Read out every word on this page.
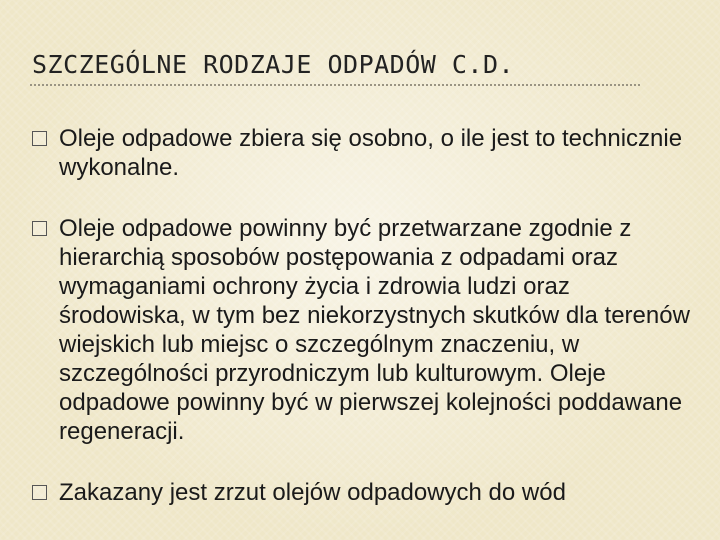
SZCZEGÓLNE RODZAJE ODPADÓW C.D.
Oleje odpadowe zbiera się osobno, o ile jest to technicznie wykonalne.
Oleje odpadowe powinny być przetwarzane zgodnie z hierarchią sposobów postępowania z odpadami oraz wymaganiami ochrony życia i zdrowia ludzi oraz środowiska, w tym bez niekorzystnych skutków dla terenów wiejskich lub miejsc o szczególnym znaczeniu, w szczególności przyrodniczym lub kulturowym. Oleje odpadowe powinny być w pierwszej kolejności poddawane regeneracji.
Zakazany jest zrzut olejów odpadowych do wód
